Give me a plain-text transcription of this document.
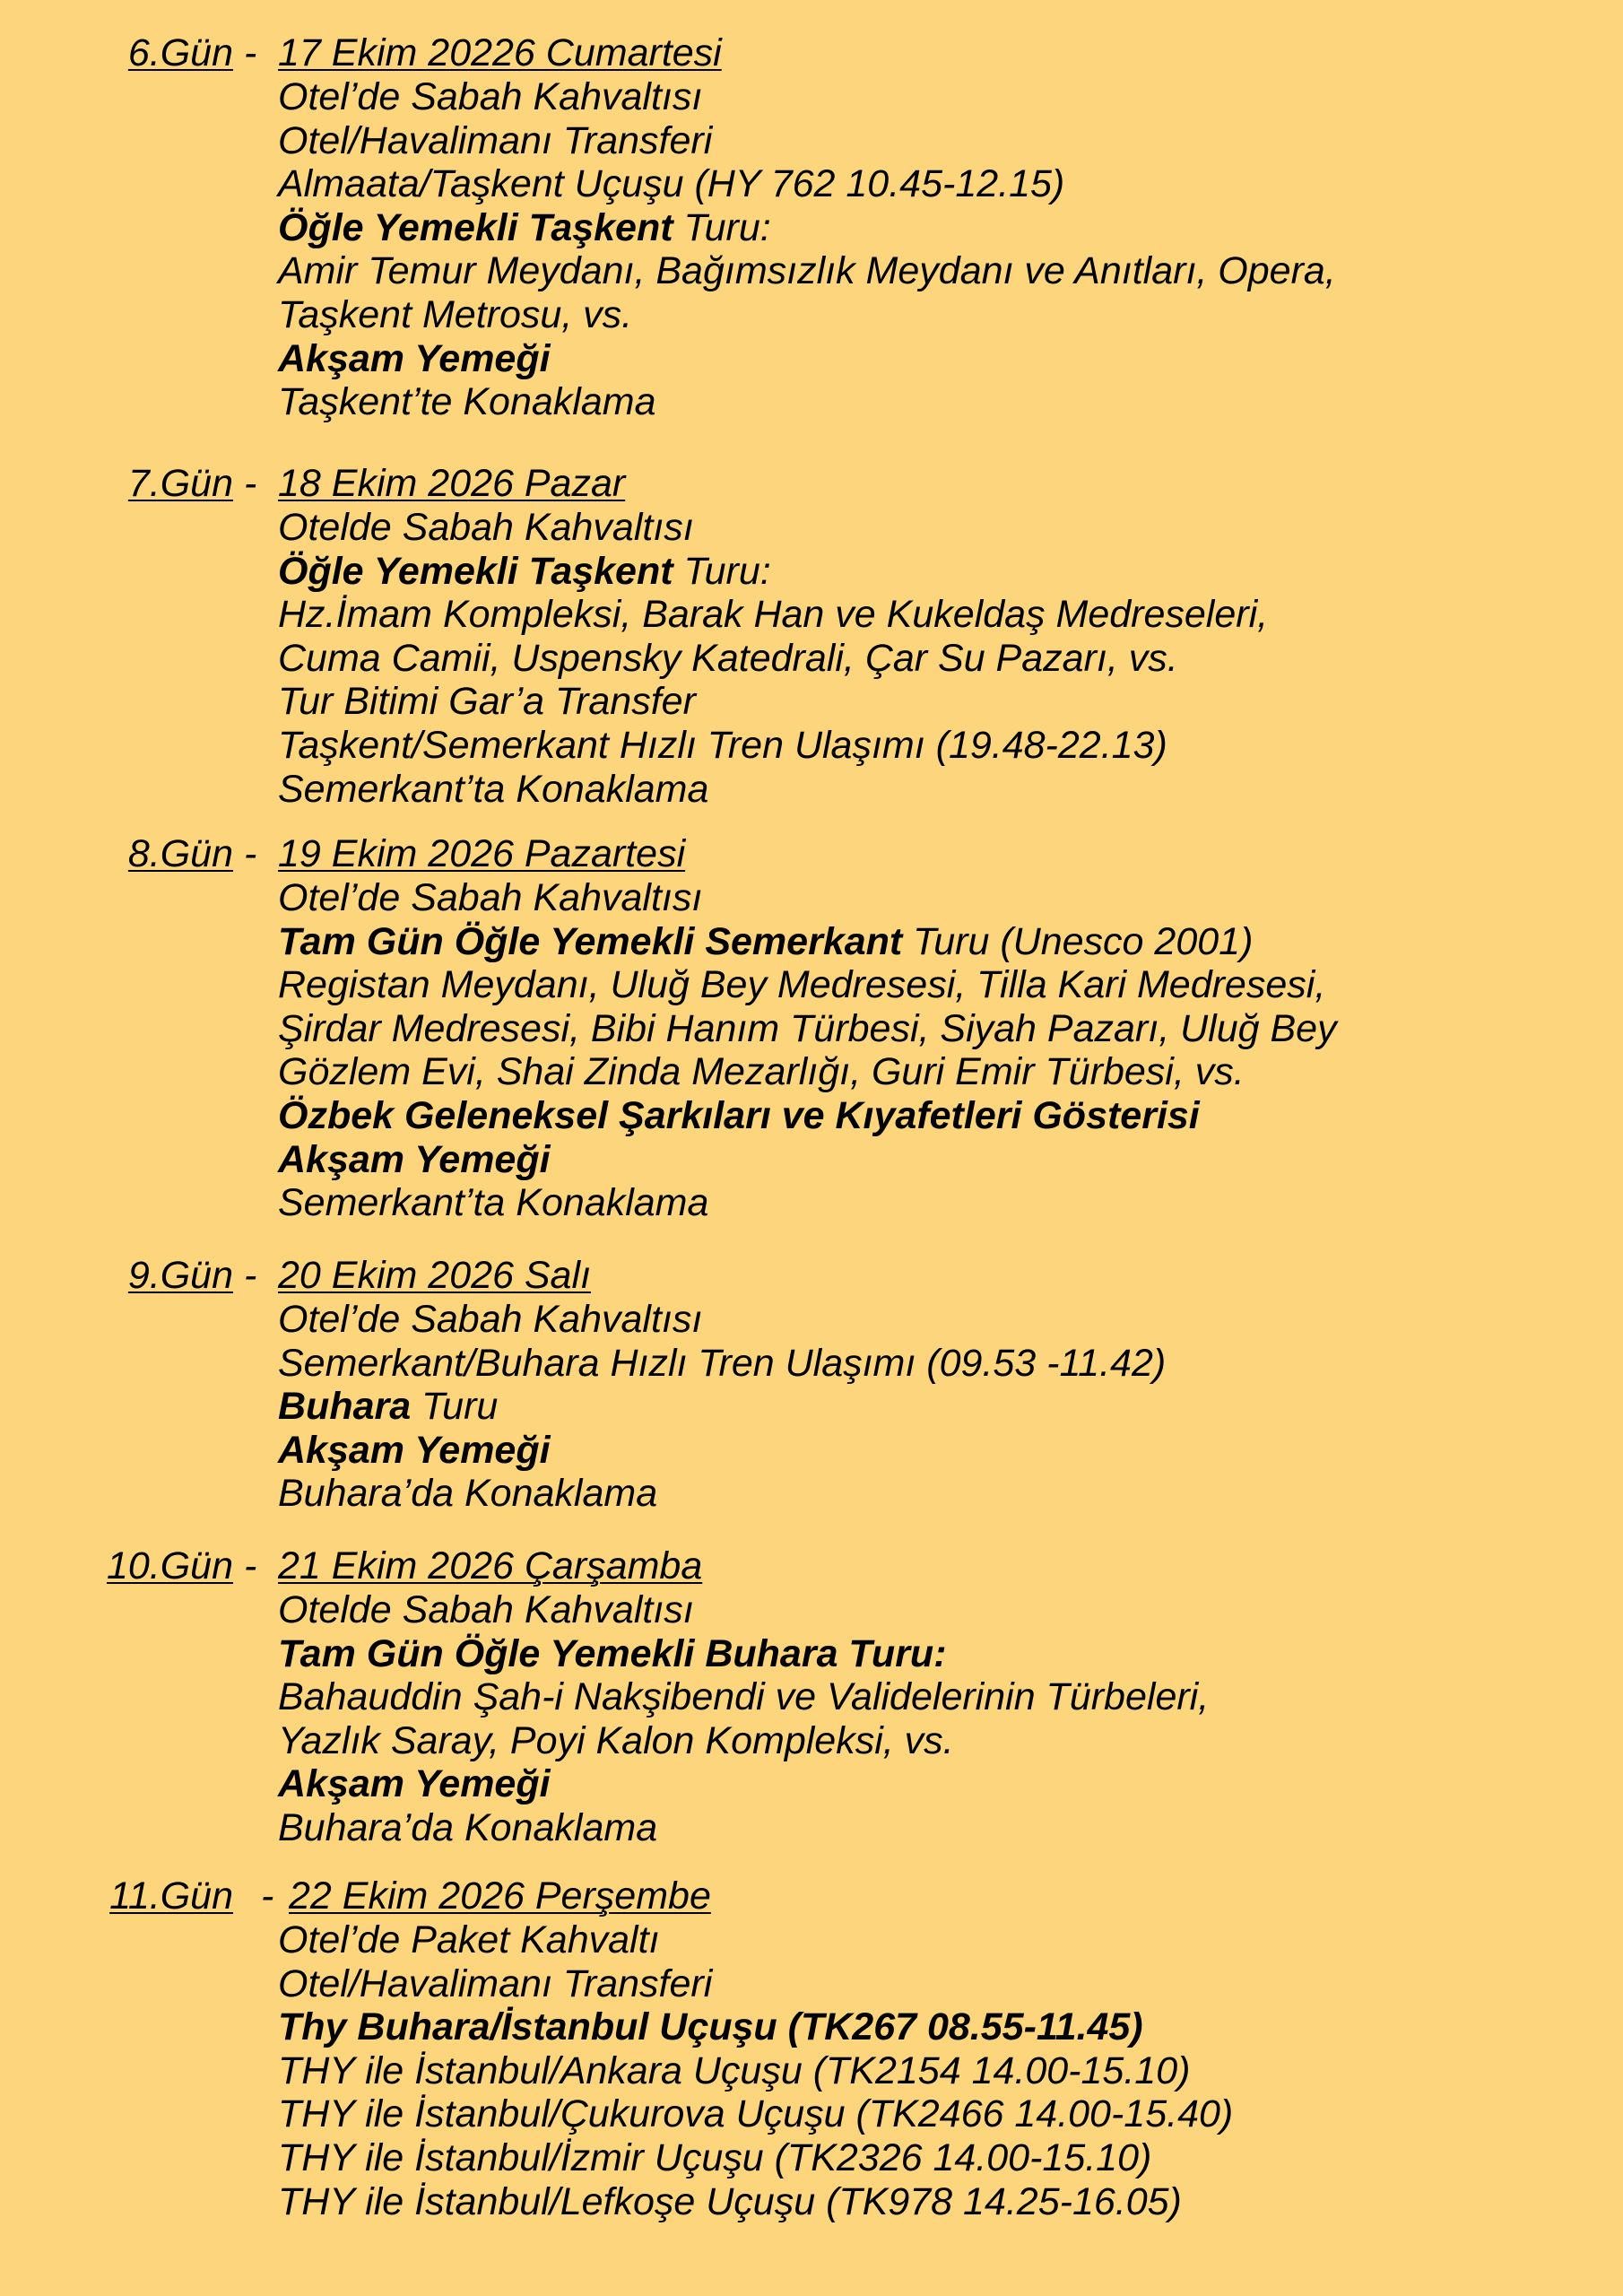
6.Gün - 17 Ekim 20226 Cumartesi
Otel’de Sabah Kahvaltısı
Otel/Havalimanı Transferi
Almaata/Taşkent Uçuşu (HY 762 10.45-12.15)
Öğle Yemekli Taşkent Turu:
Amir Temur Meydanı, Bağımsızlık Meydanı ve Anıtları, Opera,
Taşkent Metrosu, vs.
Akşam Yemeği
Taşkent’te Konaklama
7.Gün - 18 Ekim 2026 Pazar
Otelde Sabah Kahvaltısı
Öğle Yemekli Taşkent Turu:
Hz.İmam Kompleksi, Barak Han ve Kukeldaş Medreseleri,
Cuma Camii, Uspensky Katedrali, Çar Su Pazarı, vs.
Tur Bitimi Gar’a Transfer
Taşkent/Semerkant Hızlı Tren Ulaşımı (19.48-22.13)
Semerkant’ta Konaklama
8.Gün - 19 Ekim 2026 Pazartesi
Otel’de Sabah Kahvaltısı
Tam Gün Öğle Yemekli Semerkant Turu (Unesco 2001)
Registan Meydanı, Uluğ Bey Medresesi, Tilla Kari Medresesi,
Şirdar Medresesi, Bibi Hanım Türbesi, Siyah Pazarı, Uluğ Bey
Gözlem Evi, Shai Zinda Mezarlığı, Guri Emir Türbesi, vs.
Özbek Geleneksel Şarkıları ve Kıyafetleri Gösterisi
Akşam Yemeği
Semerkant’ta Konaklama
9.Gün - 20 Ekim 2026 Salı
Otel’de Sabah Kahvaltısı
Semerkant/Buhara Hızlı Tren Ulaşımı (09.53 -11.42)
Buhara Turu
Akşam Yemeği
Buhara’da Konaklama
10.Gün - 21 Ekim 2026 Çarşamba
Otelde Sabah Kahvaltısı
Tam Gün Öğle Yemekli Buhara Turu:
Bahauddin Şah-i Nakşibendi ve Validelerinin Türbeleri,
Yazlık Saray, Poyi Kalon Kompleksi, vs.
Akşam Yemeği
Buhara’da Konaklama
11.Gün - 22 Ekim 2026 Perşembe
Otel’de Paket Kahvaltı
Otel/Havalimanı Transferi
Thy Buhara/İstanbul Uçuşu (TK267 08.55-11.45)
THY ile İstanbul/Ankara Uçuşu (TK2154 14.00-15.10)
THY ile İstanbul/Çukurova Uçuşu (TK2466 14.00-15.40)
THY ile İstanbul/İzmir Uçuşu (TK2326 14.00-15.10)
THY ile İstanbul/Lefkoşe Uçuşu (TK978 14.25-16.05)
